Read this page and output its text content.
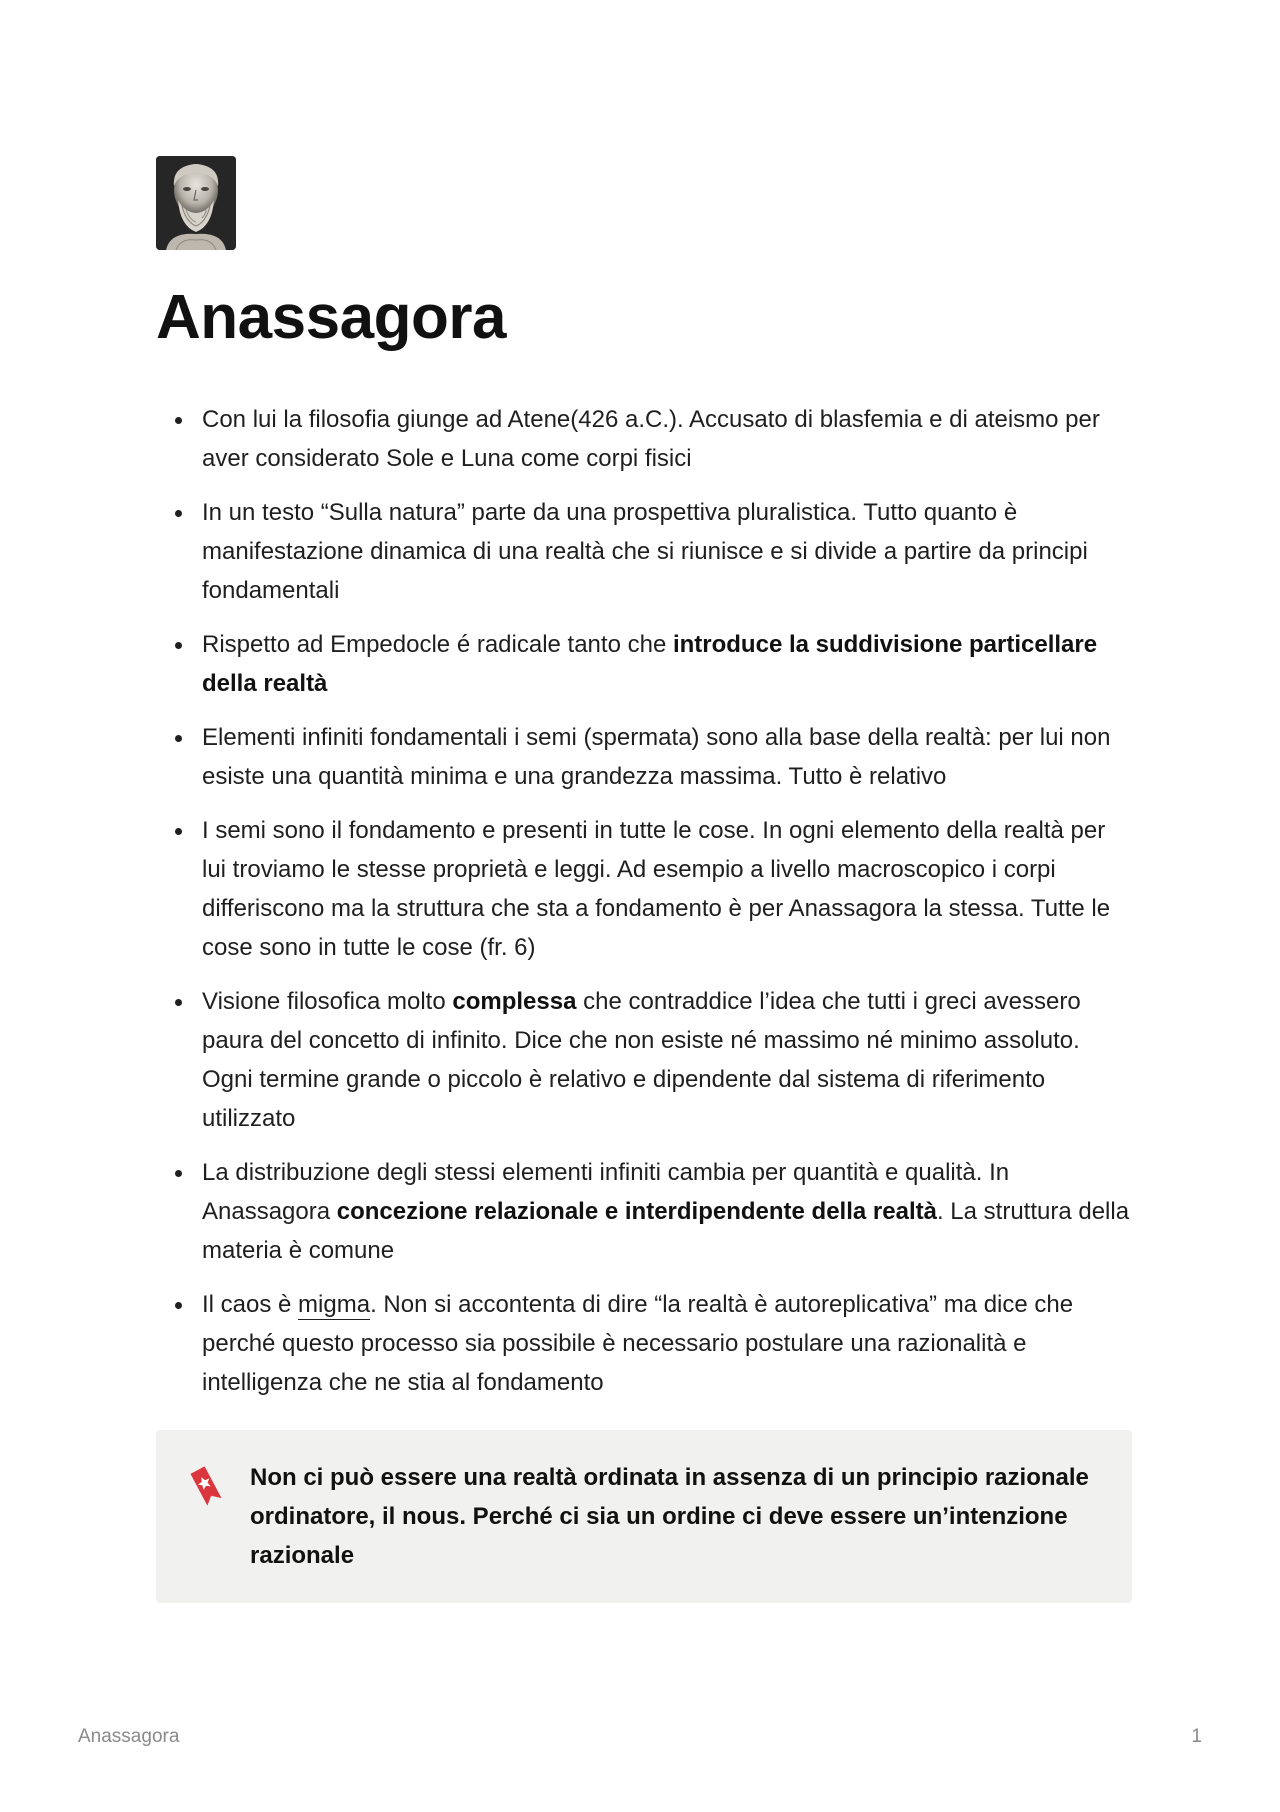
Anassagora
Con lui la filosofia giunge ad Atene(426 a.C.). Accusato di blasfemia e di ateismo per aver considerato Sole e Luna come corpi fisici
In un testo “Sulla natura” parte da una prospettiva pluralistica. Tutto quanto è manifestazione dinamica di una realtà che si riunisce e si divide a partire da principi fondamentali
Rispetto ad Empedocle é radicale tanto che introduce la suddivisione particellare della realtà
Elementi infiniti fondamentali i semi (spermata) sono alla base della realtà: per lui non esiste una quantità minima e una grandezza massima. Tutto è relativo
I semi sono il fondamento e presenti in tutte le cose. In ogni elemento della realtà per lui troviamo le stesse proprietà e leggi. Ad esempio a livello macroscopico i corpi differiscono ma la struttura che sta a fondamento è per Anassagora la stessa. Tutte le cose sono in tutte le cose (fr. 6)
Visione filosofica molto complessa che contraddice l’idea che tutti i greci avessero paura del concetto di infinito. Dice che non esiste né massimo né minimo assoluto. Ogni termine grande o piccolo è relativo e dipendente dal sistema di riferimento utilizzato
La distribuzione degli stessi elementi infiniti cambia per quantità e qualità. In Anassagora concezione relazionale e interdipendente della realtà. La struttura della materia è comune
Il caos è migma. Non si accontenta di dire “la realtà è autoreplicativa” ma dice che perché questo processo sia possibile è necessario postulare una razionalità e intelligenza che ne stia al fondamento
Non ci può essere una realtà ordinata in assenza di un principio razionale ordinatore, il nous. Perché ci sia un ordine ci deve essere un’intenzione razionale
Anassagora	1
